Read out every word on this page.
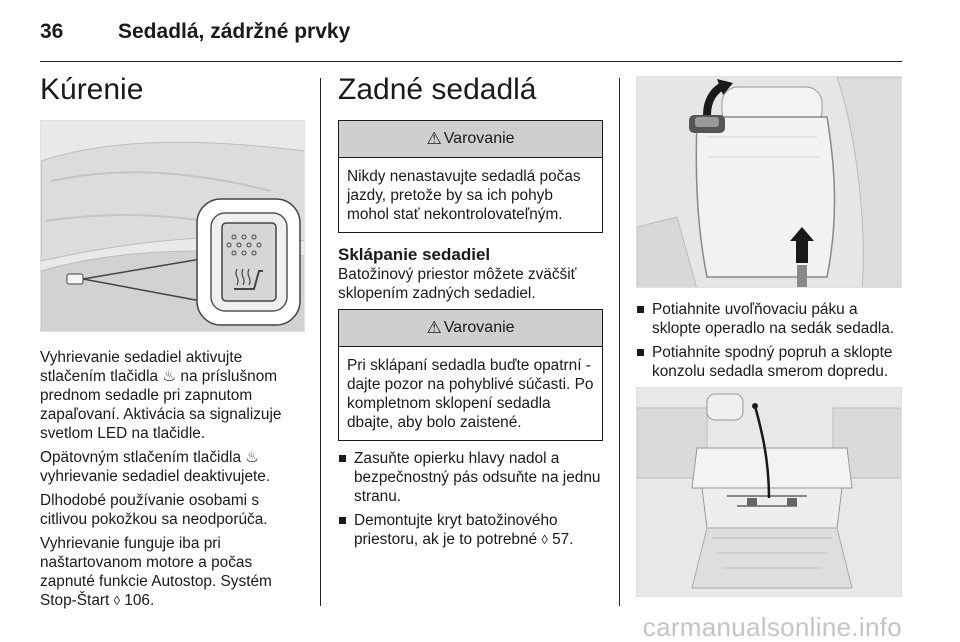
36	Sedadlá, zádržné prvky
Kúrenie
Vyhrievanie sedadiel aktivujte stlačením tlačidla ♨ na príslušnom prednom sedadle pri zapnutom zapaľovaní. Aktivácia sa signalizuje svetlom LED na tlačidle.
Opätovným stlačením tlačidla ♨ vyhrievanie sedadiel deaktivujete.
Dlhodobé používanie osobami s citlivou pokožkou sa neodporúča.
Vyhrievanie funguje iba pri naštartovanom motore a počas zapnuté funkcie Autostop. Systém Stop-Štart ◊ 106.
Zadné sedadlá
⚠ Varovanie
Nikdy nenastavujte sedadlá počas jazdy, pretože by sa ich pohyb mohol stať nekontrolovateľným.
Sklápanie sedadiel
Batožinový priestor môžete zväčšiť sklopením zadných sedadiel.
⚠ Varovanie
Pri sklápaní sedadla buďte opatrní - dajte pozor na pohyblivé súčasti. Po kompletnom sklopení sedadla dbajte, aby bolo zaistené.
Zasuňte opierku hlavy nadol a bezpečnostný pás odsuňte na jednu stranu.
Demontujte kryt batožinového priestoru, ak je to potrebné ◊ 57.
Potiahnite uvoľňovaciu páku a sklopte operadlo na sedák sedadla.
Potiahnite spodný popruh a sklopte konzolu sedadla smerom dopredu.
carmanualsonline.info
